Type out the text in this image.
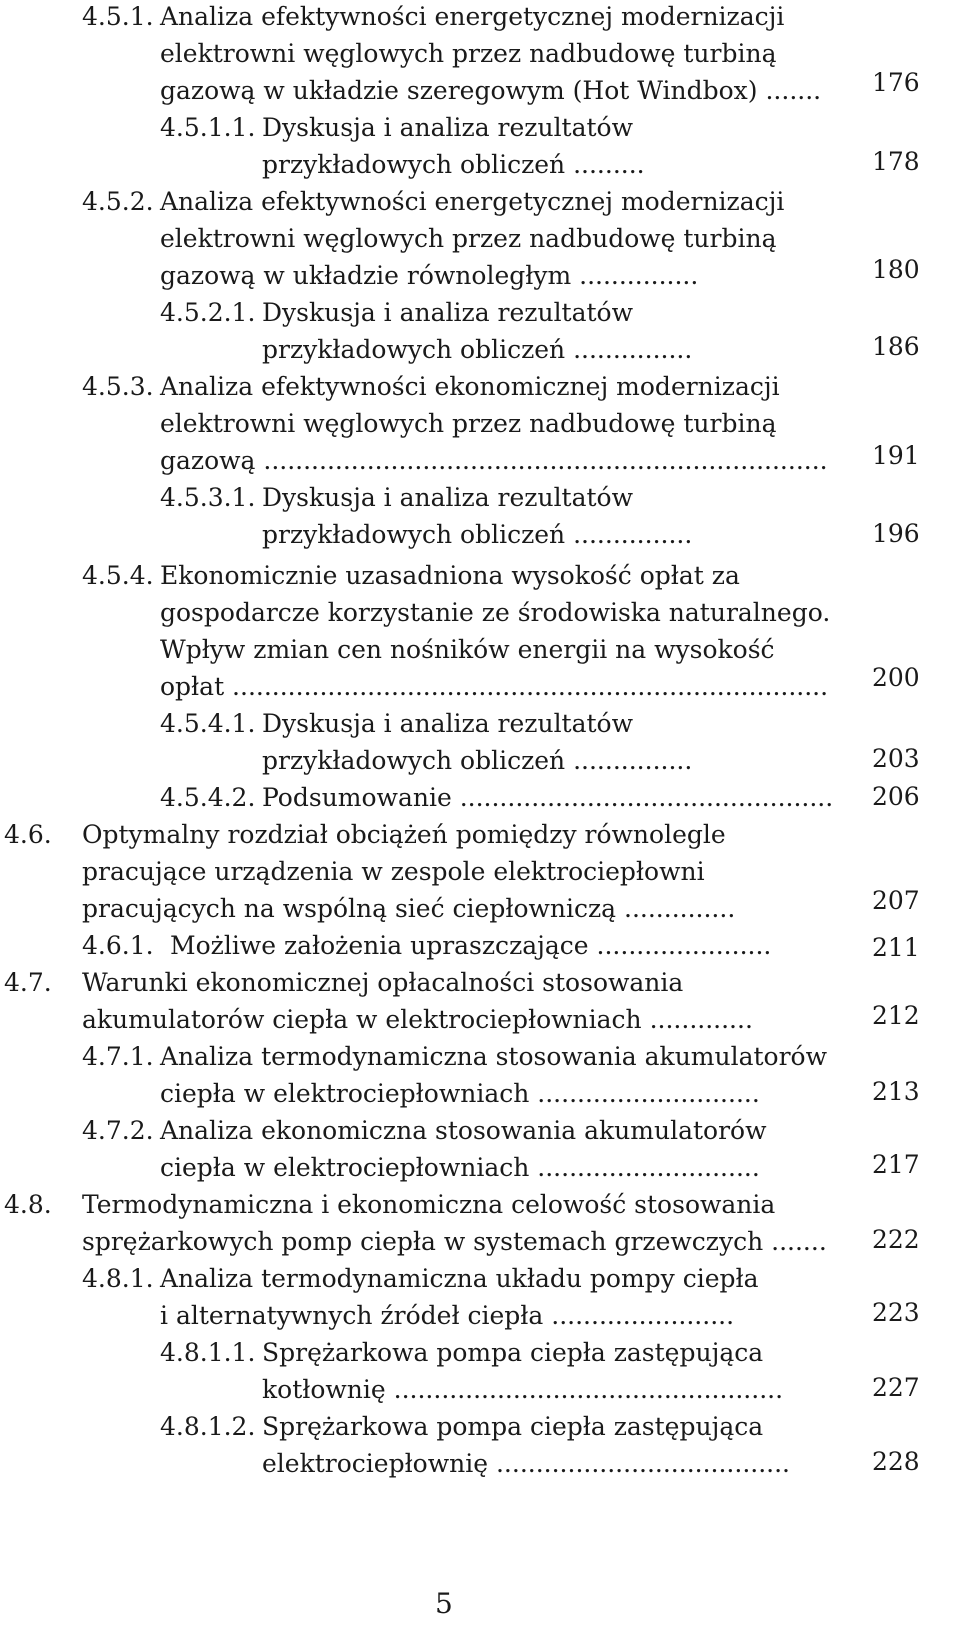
4.5.1. Analiza efektywności energetycznej modernizacji
elektrowni węglowych przez nadbudowę turbiną
gazową w układzie szeregowym (Hot Windbox) ....... 176
4.5.1.1. Dyskusja i analiza rezultatów
przykładowych obliczeń .........	178
4.5.2. Analiza efektywności energetycznej modernizacji
elektrowni węglowych przez nadbudowę turbiną
gazową w układzie równoległym ...............	180
4.5.2.1. Dyskusja i analiza rezultatów
przykładowych obliczeń ...............	186
4.5.3. Analiza efektywności ekonomicznej modernizacji
elektrowni węglowych przez nadbudowę turbiną
gazową ....................................................................... 191
4.5.3.1. Dyskusja i analiza rezultatów
przykładowych obliczeń ...............	196
4.5.4. Ekonomicznie uzasadniona wysokość opłat za
gospodarcze korzystanie ze środowiska naturalnego.
Wpływ zmian cen nośników energii na wysokość
opłat ........................................................................... 200
4.5.4.1. Dyskusja i analiza rezultatów
przykładowych obliczeń ...............	203
4.5.4.2. Podsumowanie ............................................... 206
4.6. Optymalny rozdział obciążeń pomiędzy równolegle
pracujące urządzenia w zespole elektrociepłowni
pracujących na wspólną sieć ciepłowniczą ..............	207
4.6.1. Możliwe założenia upraszczające ......................	211
4.7. Warunki ekonomicznej opłacalności stosowania
akumulatorów ciepła w elektrociepłowniach .............	212
4.7.1. Analiza termodynamiczna stosowania akumulatorów
ciepła w elektrociepłowniach ............................	213
4.7.2. Analiza ekonomiczna stosowania akumulatorów
ciepła w elektrociepłowniach ............................	217
4.8. Termodynamiczna i ekonomiczna celowość stosowania
sprężarkowych pomp ciepła w systemach grzewczych ....... 222
4.8.1. Analiza termodynamiczna układu pompy ciepła
i alternatywnych źródeł ciepła .......................	223
4.8.1.1. Sprężarkowa pompa ciepła zastępująca
kotłownię .................................................	227
4.8.1.2. Sprężarkowa pompa ciepła zastępująca
elektrociepłownię .....................................	228
5
